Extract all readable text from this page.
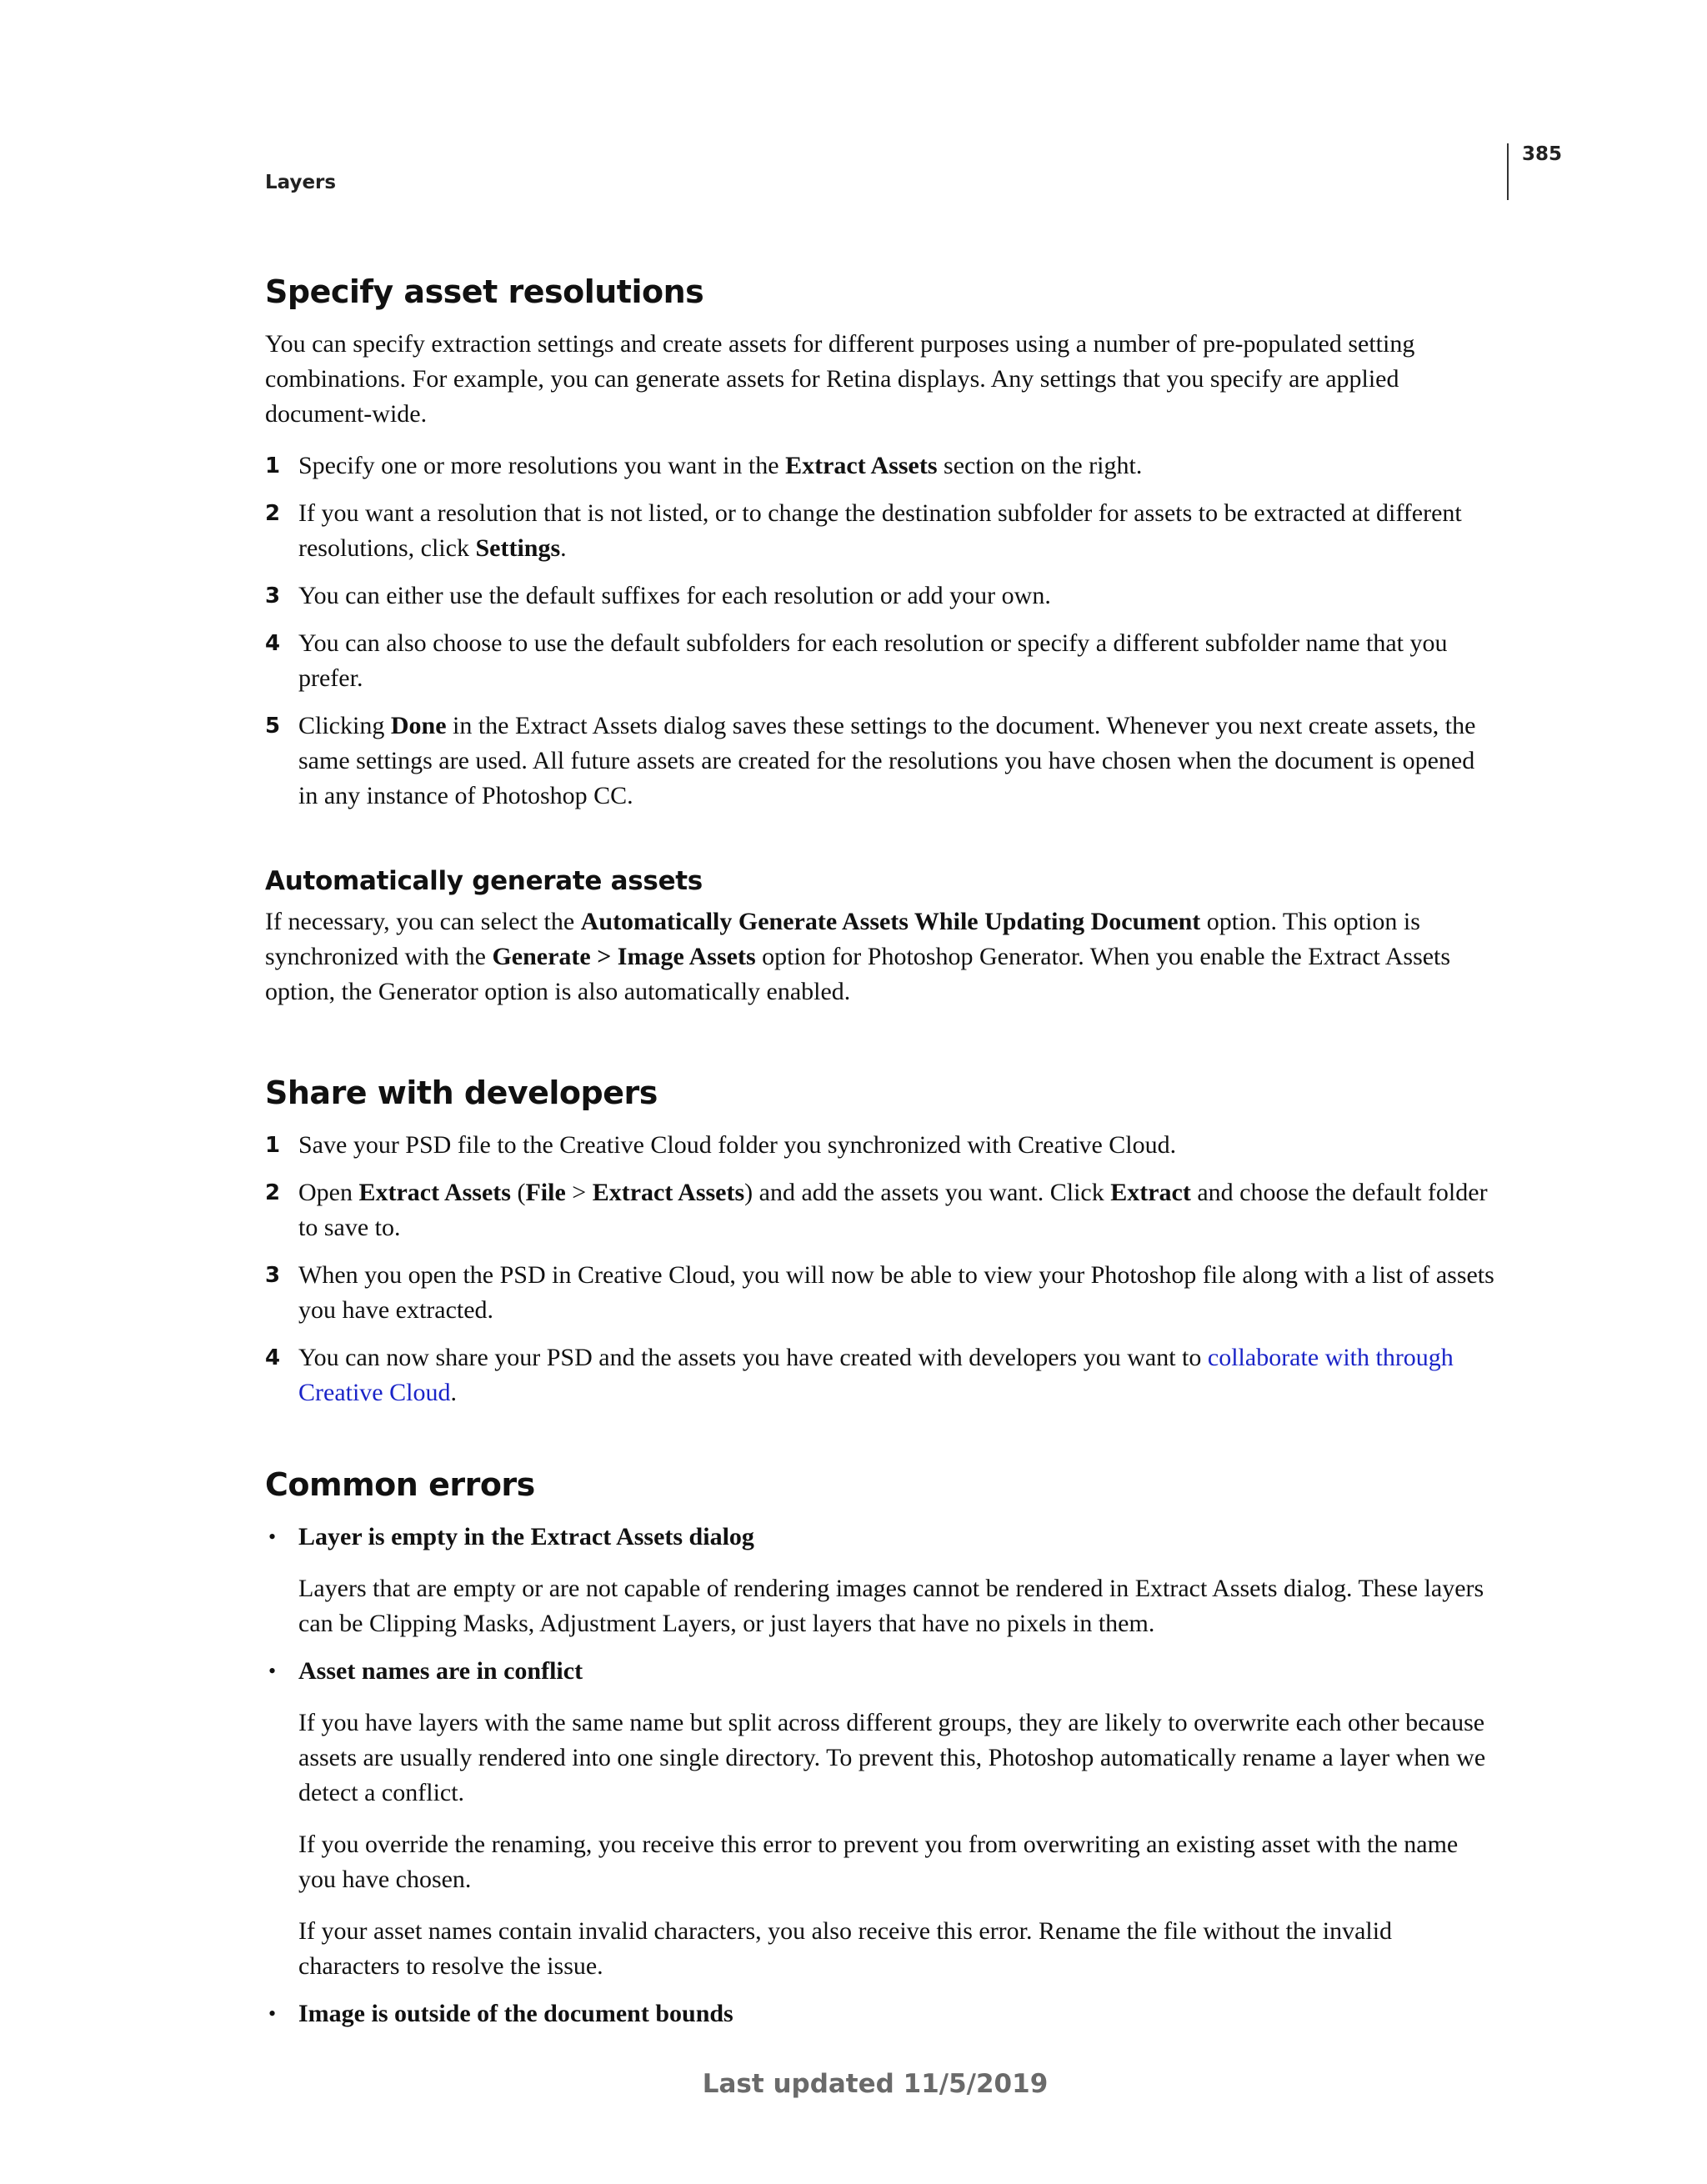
Layers
385
Specify asset resolutions

You can specify extraction settings and create assets for different purposes using a number of pre-populated setting combinations. For example, you can generate assets for Retina displays. Any settings that you specify are applied document-wide.

1 Specify one or more resolutions you want in the Extract Assets section on the right.
2 If you want a resolution that is not listed, or to change the destination subfolder for assets to be extracted at different resolutions, click Settings.
3 You can either use the default suffixes for each resolution or add your own.
4 You can also choose to use the default subfolders for each resolution or specify a different subfolder name that you prefer.
5 Clicking Done in the Extract Assets dialog saves these settings to the document. Whenever you next create assets, the same settings are used. All future assets are created for the resolutions you have chosen when the document is opened in any instance of Photoshop CC.
Automatically generate assets

If necessary, you can select the Automatically Generate Assets While Updating Document option. This option is synchronized with the Generate > Image Assets option for Photoshop Generator. When you enable the Extract Assets option, the Generator option is also automatically enabled.

Share with developers
1 Save your PSD file to the Creative Cloud folder you synchronized with Creative Cloud.
2 Open Extract Assets (File > Extract Assets) and add the assets you want. Click Extract and choose the default folder to save to.
3 When you open the PSD in Creative Cloud, you will now be able to view your Photoshop file along with a list of assets you have extracted.
4 You can now share your PSD and the assets you have created with developers you want to collaborate with through Creative Cloud.
Common errors
• Layer is empty in the Extract Assets dialog

Layers that are empty or are not capable of rendering images cannot be rendered in Extract Assets dialog. These layers can be Clipping Masks, Adjustment Layers, or just layers that have no pixels in them.

• Asset names are in conflict

If you have layers with the same name but split across different groups, they are likely to overwrite each other because assets are usually rendered into one single directory. To prevent this, Photoshop automatically rename a layer when we detect a conflict.

If you override the renaming, you receive this error to prevent you from overwriting an existing asset with the name you have chosen.

If your asset names contain invalid characters, you also receive this error. Rename the file without the invalid characters to resolve the issue.

• Image is outside of the document bounds
Last updated 11/5/2019
